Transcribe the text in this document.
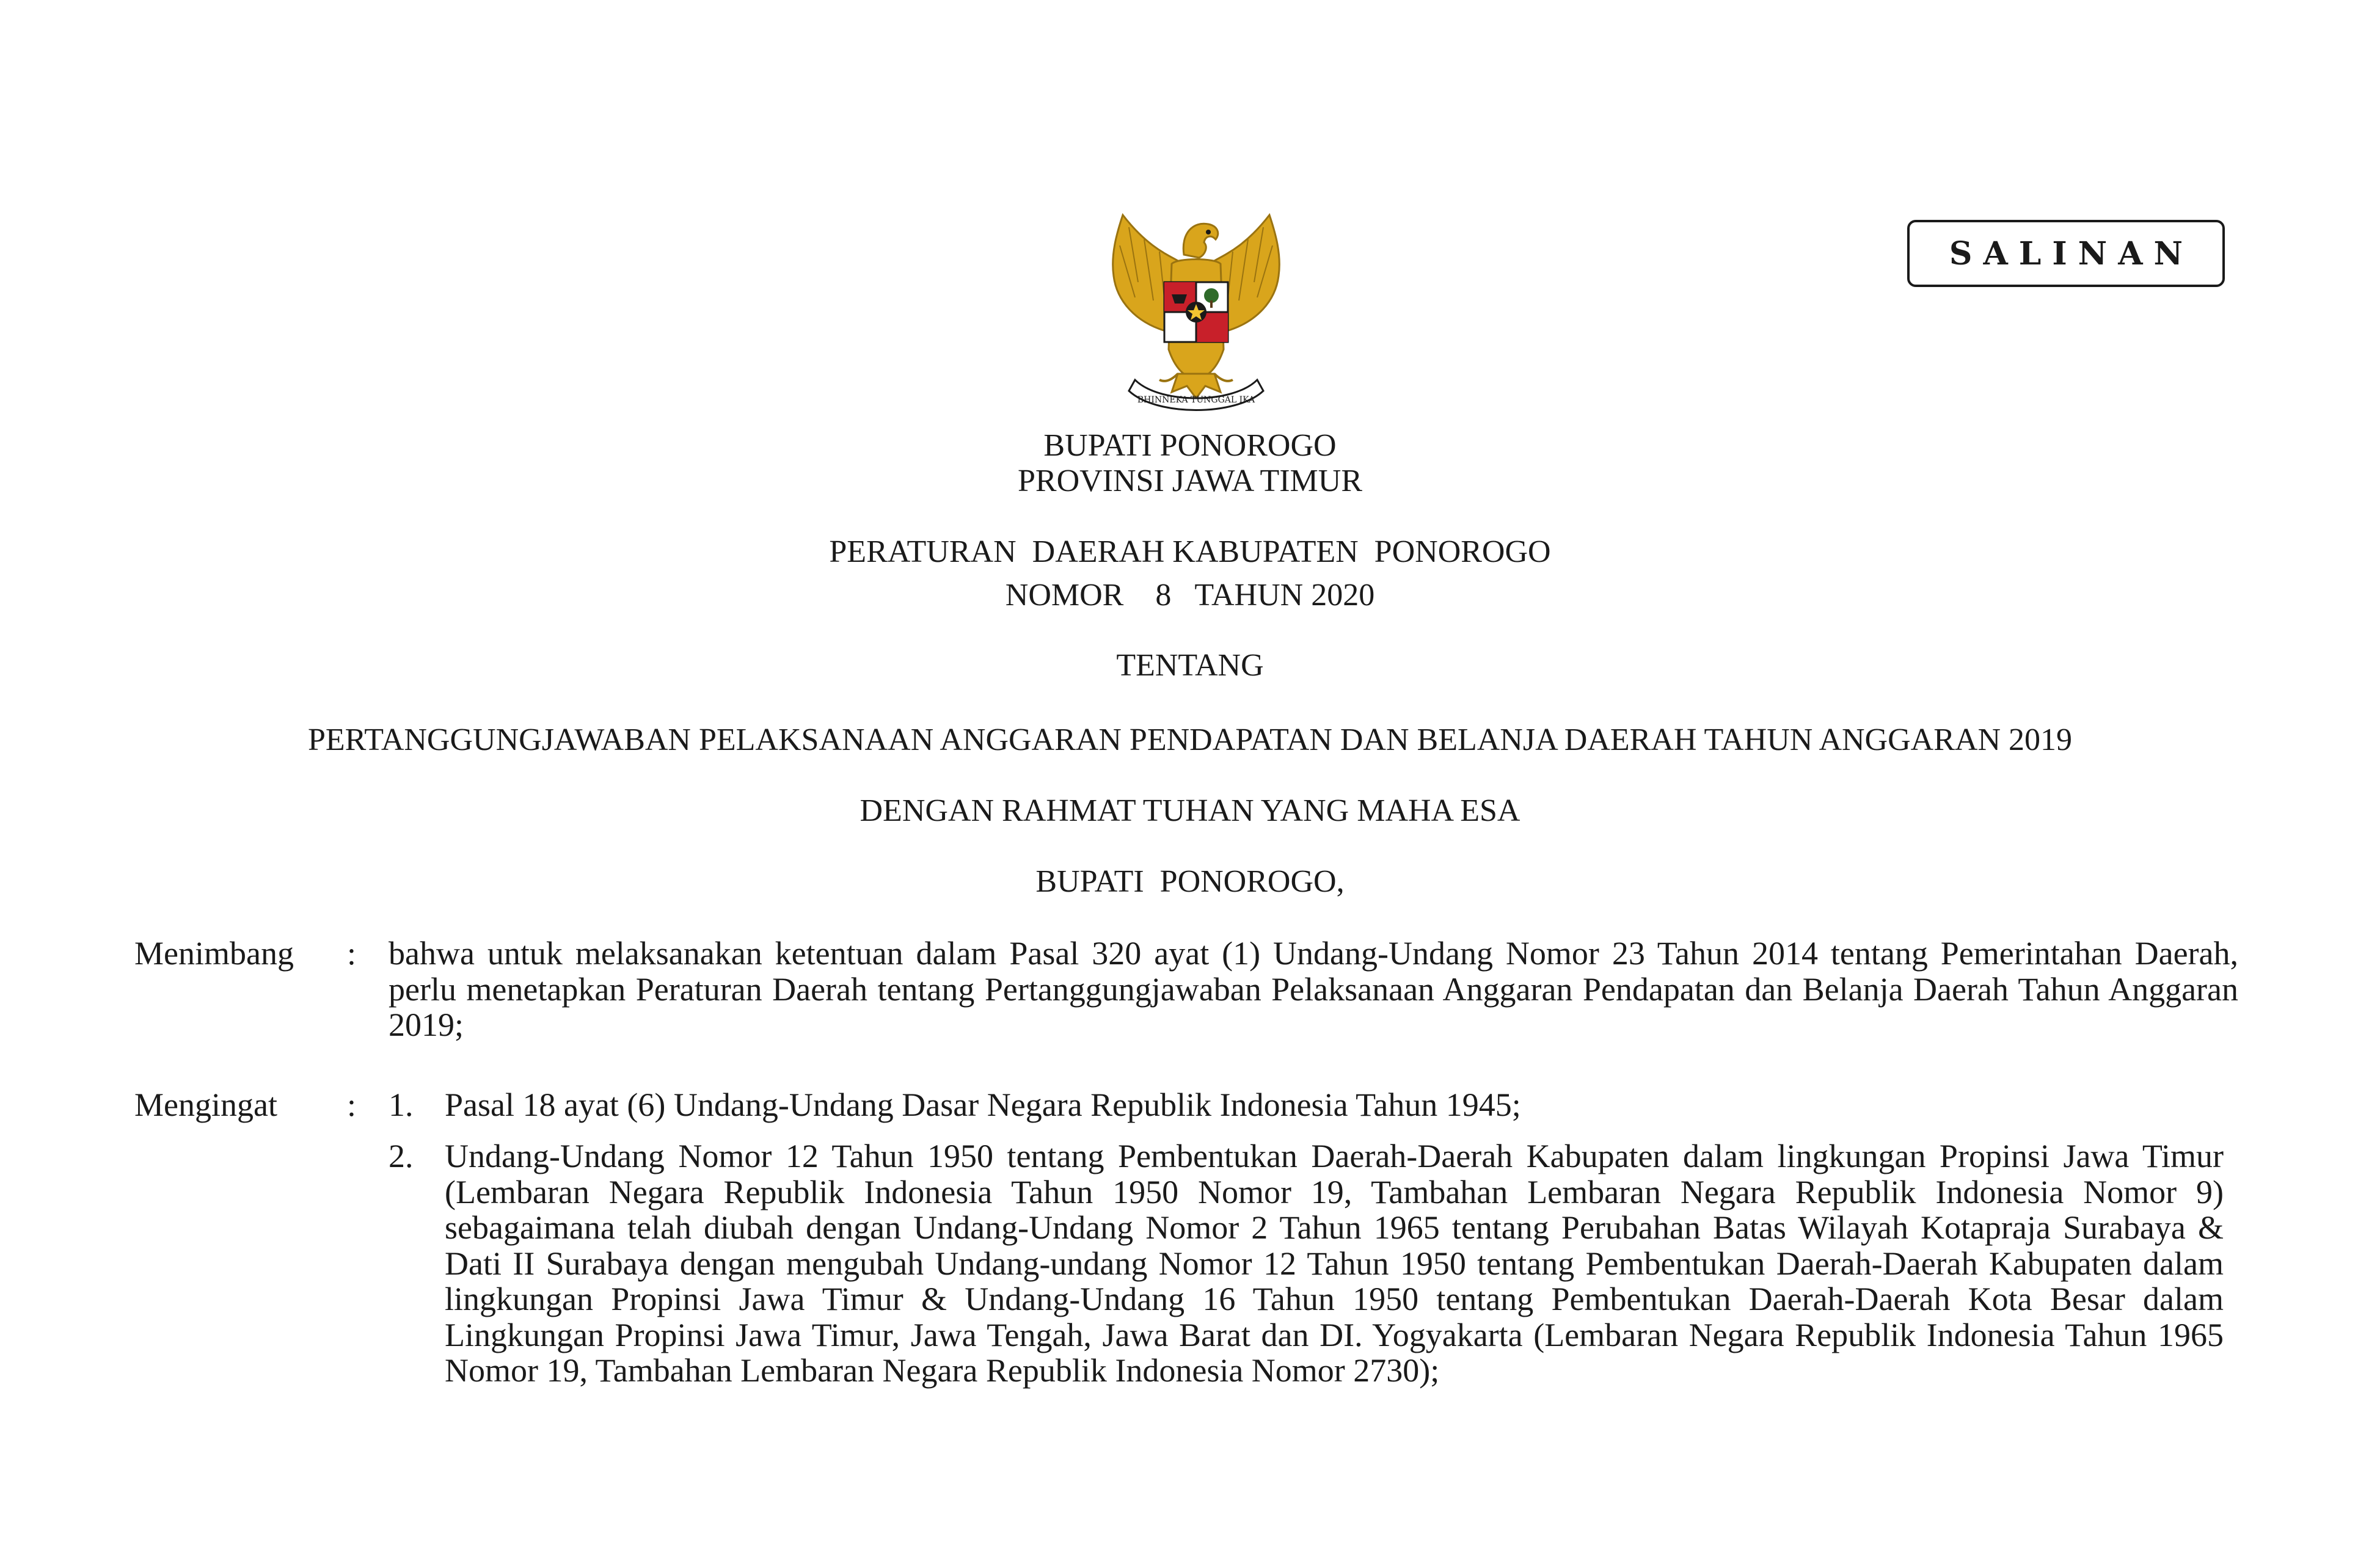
BHINNEKA TUNGGAL IKA
SALINAN
BUPATI PONOROGO
PROVINSI JAWA TIMUR
PERATURAN  DAERAH KABUPATEN  PONOROGO
NOMOR    8   TAHUN 2020
TENTANG
PERTANGGUNGJAWABAN PELAKSANAAN ANGGARAN PENDAPATAN DAN BELANJA DAERAH TAHUN ANGGARAN 2019
DENGAN RAHMAT TUHAN YANG MAHA ESA
BUPATI  PONOROGO,
Menimbang : bahwa untuk melaksanakan ketentuan dalam Pasal 320 ayat (1) Undang-Undang Nomor 23 Tahun 2014 tentang Pemerintahan Daerah, perlu menetapkan Peraturan Daerah tentang Pertanggungjawaban Pelaksanaan Anggaran Pendapatan dan Belanja Daerah Tahun Anggaran 2019;
Mengingat : 1. Pasal 18 ayat (6) Undang-Undang Dasar Negara Republik Indonesia Tahun 1945;
2. Undang-Undang Nomor 12 Tahun 1950 tentang Pembentukan Daerah-Daerah Kabupaten dalam lingkungan Propinsi Jawa Timur (Lembaran Negara Republik Indonesia Tahun 1950 Nomor 19, Tambahan Lembaran Negara Republik Indonesia Nomor 9) sebagaimana telah diubah dengan Undang-Undang Nomor 2 Tahun 1965 tentang Perubahan Batas Wilayah Kotapraja Surabaya & Dati II Surabaya dengan mengubah Undang-undang Nomor 12 Tahun 1950 tentang Pembentukan Daerah-Daerah Kabupaten dalam lingkungan Propinsi Jawa Timur & Undang-Undang 16 Tahun 1950 tentang Pembentukan Daerah-Daerah Kota Besar dalam Lingkungan Propinsi Jawa Timur, Jawa Tengah, Jawa Barat dan DI. Yogyakarta (Lembaran Negara Republik Indonesia Tahun 1965 Nomor 19, Tambahan Lembaran Negara Republik Indonesia Nomor 2730);
